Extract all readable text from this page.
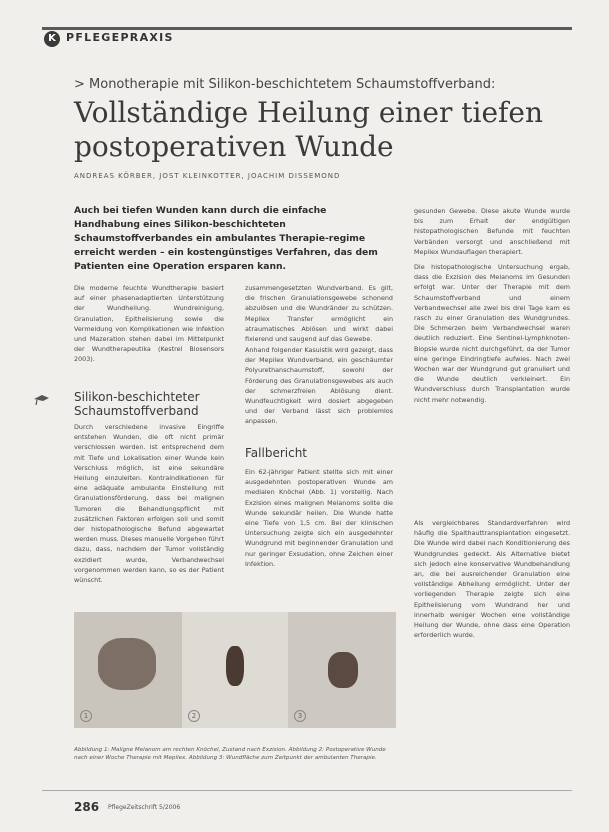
K PFLEGEPRAXIS
> Monotherapie mit Silikon-beschichtetem Schaumstoffverband:
Vollständige Heilung einer tiefen postoperativen Wunde
ANDREAS KÖRBER, JOST KLEINKOTTER, JOACHIM DISSEMOND
Auch bei tiefen Wunden kann durch die einfache Handhabung eines Silikon-beschichteten Schaumstoffverbandes ein ambulantes Therapie-regime erreicht werden – ein kostengünstiges Verfahren, das dem Patienten eine Operation ersparen kann.
Die moderne feuchte Wundtherapie basiert auf einer phasenadaptierten Unterstützung der Wundheilung. Wundreinigung, Granulation, Epithelisierung sowie die Vermeidung von Komplikationen wie Infektion und Mazeration stehen dabei im Mittelpunkt der Wundtherapeutika (Kestrel Biosensors 2003).
Silikon-beschichteter Schaumstoffverband
Durch verschiedene invasive Eingriffe entstehen Wunden, die oft nicht primär verschlossen werden. Ist entsprechend dem mit Tiefe und Lokalisation einer Wunde kein Verschluss möglich, ist eine sekundäre Heilung einzuleiten. Kontraindikationen für eine adäquate ambulante Einstellung mit Granulationsförderung, dass bei malignen Tumoren die Behandlungspflicht mit zusätzlichen Faktoren erfolgen soll und somit der histopathologische Befund abgewartet werden muss. Dieses manuelle Vorgehen führt dazu, dass, nachdem der Tumor vollständig exzidiert wurde, Verbandwechsel vorgenommen werden kann, so es der Patient wünscht.
zusammengesetzten Wundverband. Es gilt, die frischen Granulationsgewebe schonend abzulösen und die Wundränder zu schützen. Mepilex Transfer ermöglicht ein atraumatisches Ablösen und wirkt dabei fixierend und saugend auf das Gewebe.
Anhand folgender Kasuistik wird gezeigt, dass der Mepilex Wundverband, ein geschäumter Polyurethanschaumstoff, sowohl der Förderung des Granulationsgewebes als auch der schmerzfreien Ablösung dient. Wundfeuchtigkeit wird dosiert abgegeben und der Verband lässt sich problemlos anpassen.
Fallbericht
Ein 62-jähriger Patient stellte sich mit einer ausgedehnten postoperativen Wunde am medialen Knöchel (Abb. 1) vorstellig. Nach Exzision eines malignen Melanoms sollte die Wunde sekundär heilen. Die Wunde hatte eine Tiefe von 1,5 cm. Bei der klinischen Untersuchung zeigte sich ein ausgedehnter Wundgrund mit beginnender Granulation und nur geringer Exsudation, ohne Zeichen einer Infektion.
gesunden Gewebe. Diese akute Wunde wurde bis zum Erhalt der endgültigen histopathologischen Befunde mit feuchten Verbänden versorgt und anschließend mit Mepilex Wundauflagen therapiert.
Die histopathologische Untersuchung ergab, dass die Exzision des Melanoms im Gesunden erfolgt war. Unter der Therapie mit dem Schaumstoffverband und einem Verbandwechsel alle zwei bis drei Tage kam es rasch zu einer Granulation des Wundgrundes. Die Schmerzen beim Verbandwechsel waren deutlich reduziert. Eine Sentinel-Lymphknoten-Biopsie wurde nicht durchgeführt, da der Tumor eine geringe Eindringtiefe aufwies. Nach zwei Wochen war der Wundgrund gut granuliert und die Wunde deutlich verkleinert. Ein Wundverschluss durch Transplantation wurde nicht mehr notwendig.
Als vergleichbares Standardverfahren wird häufig die Spalthauttransplantation eingesetzt. Die Wunde wird dabei nach Konditionierung des Wundgrundes gedeckt. Als Alternative bietet sich jedoch eine konservative Wundbehandlung an, die bei ausreichender Granulation eine vollständige Abheilung ermöglicht. Unter der vorliegenden Therapie zeigte sich eine Epithelisierung vom Wundrand her und innerhalb weniger Wochen eine vollständige Heilung der Wunde, ohne dass eine Operation erforderlich wurde.
1	2	3
Abbildung 1: Maligne Melanom am rechten Knöchel, Zustand nach Exzision. Abbildung 2: Postoperative Wunde nach einer Woche Therapie mit Mepilex. Abbildung 3: Wundfläche zum Zeitpunkt der ambulanten Therapie.
286 PflegeZeitschrift 5/2006
